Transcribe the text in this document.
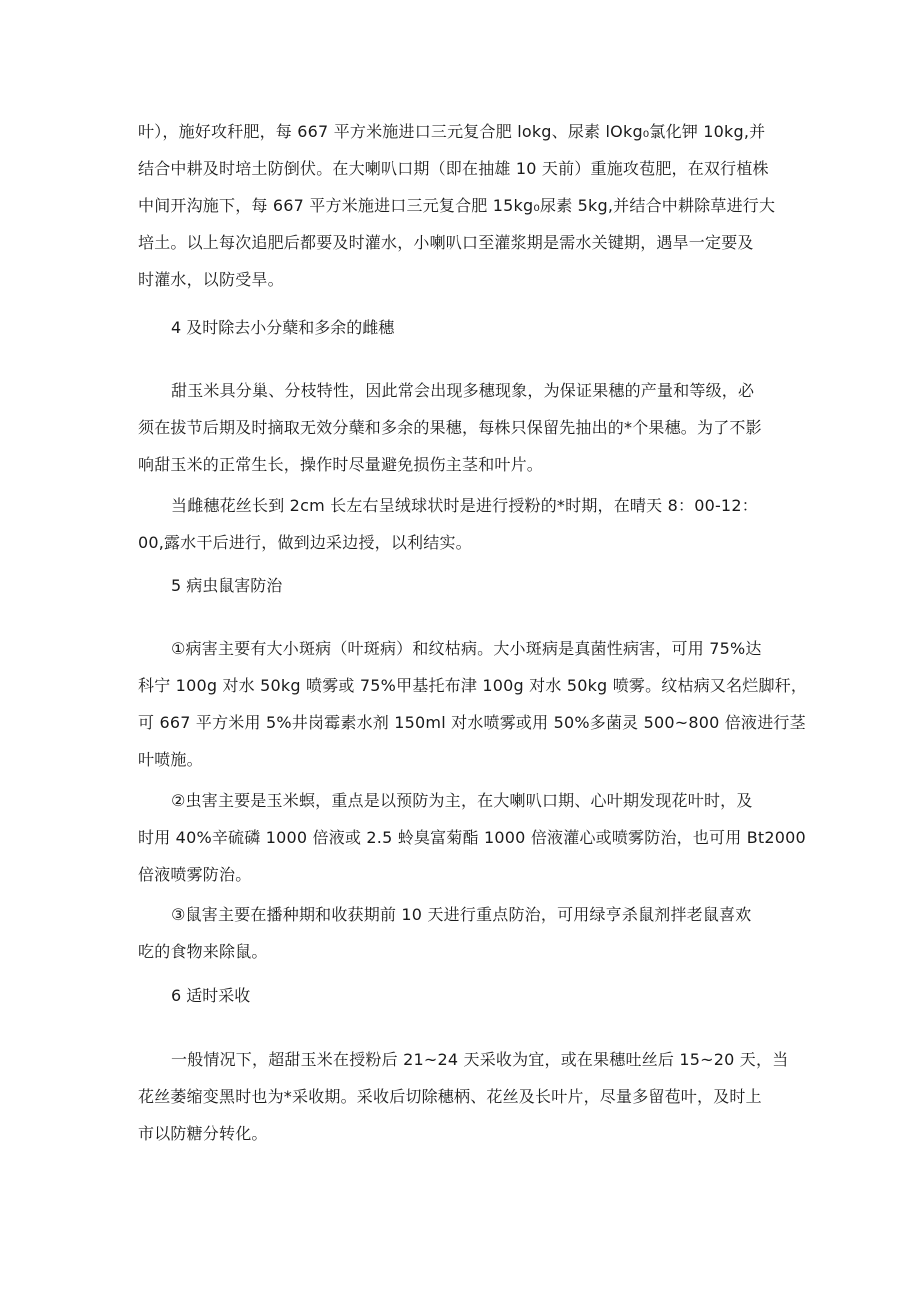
叶），施好攻秆肥，每 667 平方米施进口三元复合肥 lokg、尿素 lOkg₀氯化钾 10kg,并
结合中耕及时培土防倒伏。在大喇叭口期（即在抽雄 10 天前）重施攻苞肥，在双行植株
中间开沟施下，每 667 平方米施进口三元复合肥 15kg₀尿素 5kg,并结合中耕除草进行大
培土。以上每次追肥后都要及时灌水，小喇叭口至灌浆期是需水关键期，遇旱一定要及
时灌水，以防受旱。
4 及时除去小分蘖和多余的雌穗
甜玉米具分巢、分枝特性，因此常会出现多穗现象，为保证果穗的产量和等级，必
须在拔节后期及时摘取无效分蘖和多余的果穗，每株只保留先抽出的*个果穗。为了不影
响甜玉米的正常生长，操作时尽量避免损伤主茎和叶片。
当雌穗花丝长到 2cm 长左右呈绒球状时是进行授粉的*时期，在晴天 8：00-12：
00,露水干后进行，做到边采边授，以利结实。
5 病虫鼠害防治
①病害主要有大小斑病（叶斑病）和纹枯病。大小斑病是真菌性病害，可用 75%达
科宁 100g 对水 50kg 喷雾或 75%甲基托布津 100g 对水 50kg 喷雾。纹枯病又名烂脚秆，
可 667 平方米用 5%井岗霉素水剂 150ml 对水喷雾或用 50%多菌灵 500~800 倍液进行茎
叶喷施。
②虫害主要是玉米螟，重点是以预防为主，在大喇叭口期、心叶期发现花叶时，及
时用 40%辛硫磷 1000 倍液或 2.5 蛉臭富菊酯 1000 倍液灌心或喷雾防治，也可用 Bt2000
倍液喷雾防治。
③鼠害主要在播种期和收获期前 10 天进行重点防治，可用绿亨杀鼠剂拌老鼠喜欢
吃的食物来除鼠。
6 适时采收
一般情况下，超甜玉米在授粉后 21~24 天采收为宜，或在果穗吐丝后 15~20 天，当
花丝萎缩变黑时也为*采收期。采收后切除穗柄、花丝及长叶片，尽量多留苞叶，及时上
市以防糖分转化。
